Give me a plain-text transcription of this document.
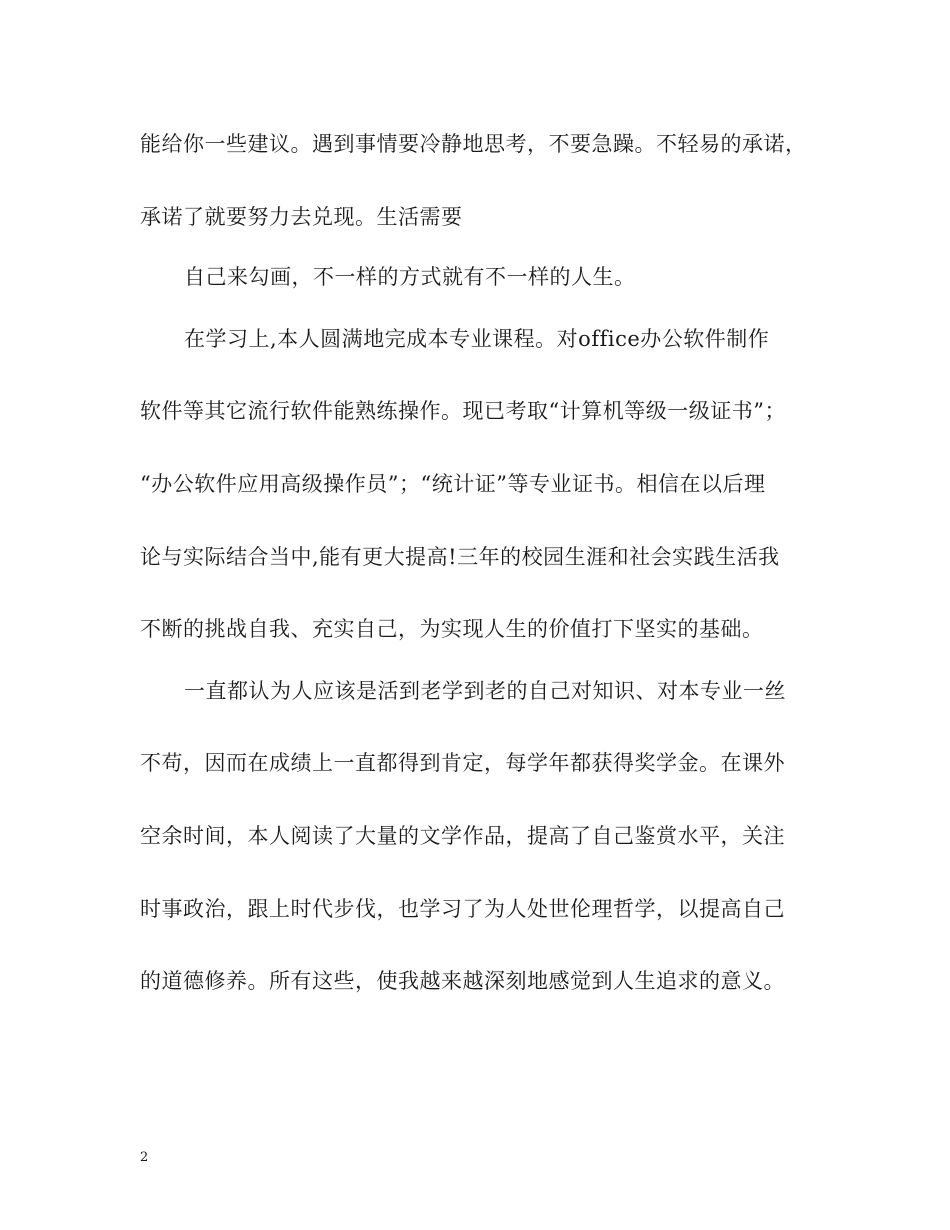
能给你一些建议。遇到事情要冷静地思考，不要急躁。不轻易的承诺，
承诺了就要努力去兑现。生活需要
自己来勾画，不一样的方式就有不一样的人生。
在学习上,本人圆满地完成本专业课程。对office办公软件制作
软件等其它流行软件能熟练操作。现已考取“计算机等级一级证书”；
“办公软件应用高级操作员”；“统计证”等专业证书。相信在以后理
论与实际结合当中,能有更大提高!三年的校园生涯和社会实践生活我
不断的挑战自我、充实自己，为实现人生的价值打下坚实的基础。
一直都认为人应该是活到老学到老的自己对知识、对本专业一丝
不苟，因而在成绩上一直都得到肯定，每学年都获得奖学金。在课外
空余时间，本人阅读了大量的文学作品，提高了自己鉴赏水平，关注
时事政治，跟上时代步伐，也学习了为人处世伦理哲学，以提高自己
的道德修养。所有这些，使我越来越深刻地感觉到人生追求的意义。
2
